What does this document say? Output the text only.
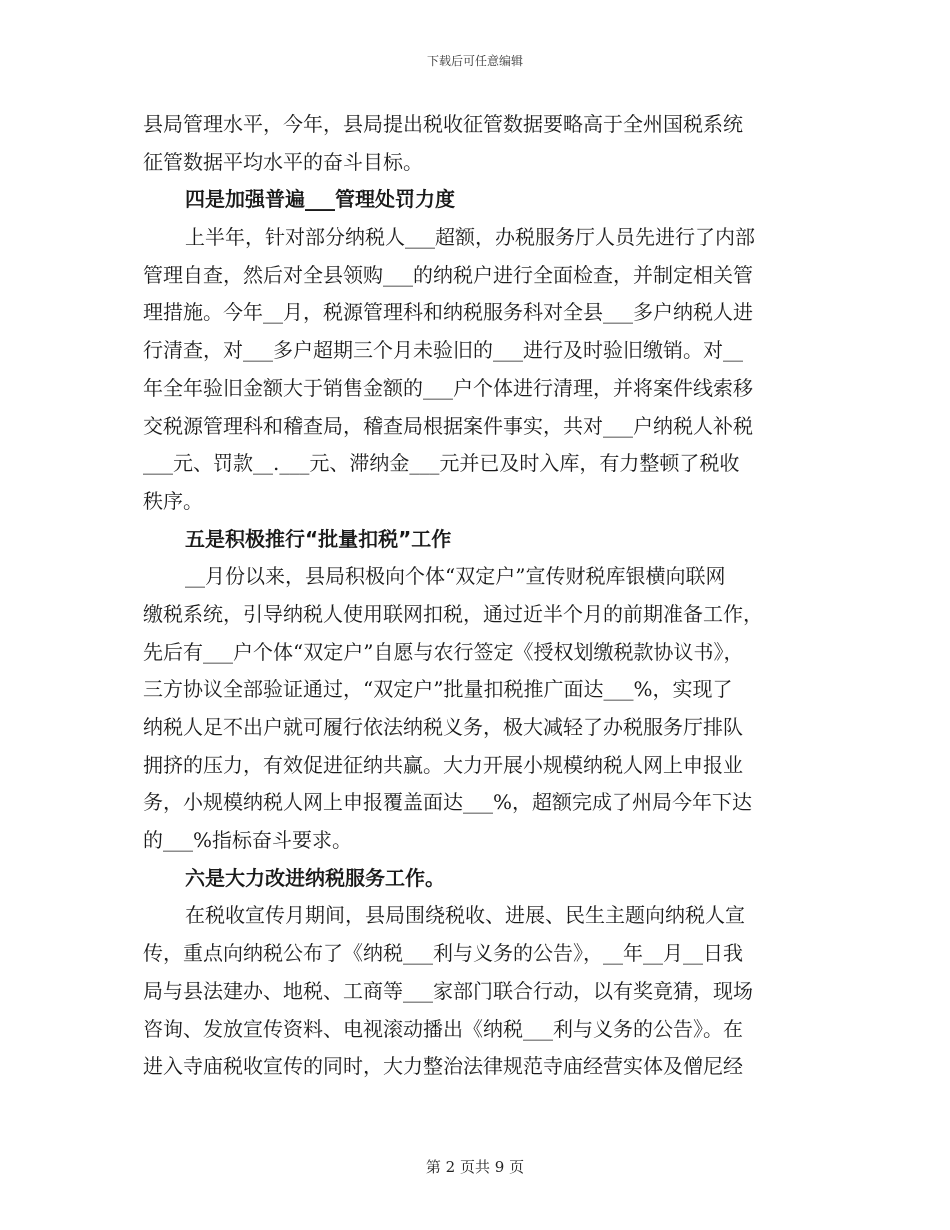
下载后可任意编辑
县局管理水平，今年，县局提出税收征管数据要略高于全州国税系统
征管数据平均水平的奋斗目标。
四是加强普遍___管理处罚力度
上半年，针对部分纳税人___超额，办税服务厅人员先进行了内部
管理自查，然后对全县领购___的纳税户进行全面检查，并制定相关管
理措施。今年__月，税源管理科和纳税服务科对全县___多户纳税人进
行清查，对___多户超期三个月未验旧的___进行及时验旧缴销。对__
年全年验旧金额大于销售金额的___户个体进行清理，并将案件线索移
交税源管理科和稽查局，稽查局根据案件事实，共对___户纳税人补税
___元、罚款__.___元、滞纳金___元并已及时入库，有力整顿了税收
秩序。
五是积极推行“批量扣税”工作
__月份以来，县局积极向个体“双定户”宣传财税库银横向联网
缴税系统，引导纳税人使用联网扣税，通过近半个月的前期准备工作，
先后有___户个体“双定户”自愿与农行签定《授权划缴税款协议书》，
三方协议全部验证通过，“双定户”批量扣税推广面达___%，实现了
纳税人足不出户就可履行依法纳税义务，极大减轻了办税服务厅排队
拥挤的压力，有效促进征纳共赢。大力开展小规模纳税人网上申报业
务，小规模纳税人网上申报覆盖面达___%，超额完成了州局今年下达
的___%指标奋斗要求。
六是大力改进纳税服务工作。
在税收宣传月期间，县局围绕税收、进展、民生主题向纳税人宣
传，重点向纳税公布了《纳税___利与义务的公告》，__年__月__日我
局与县法建办、地税、工商等___家部门联合行动，以有奖竟猜，现场
咨询、发放宣传资料、电视滚动播出《纳税___利与义务的公告》。在
进入寺庙税收宣传的同时，大力整治法律规范寺庙经营实体及僧尼经
第 2 页共 9 页
